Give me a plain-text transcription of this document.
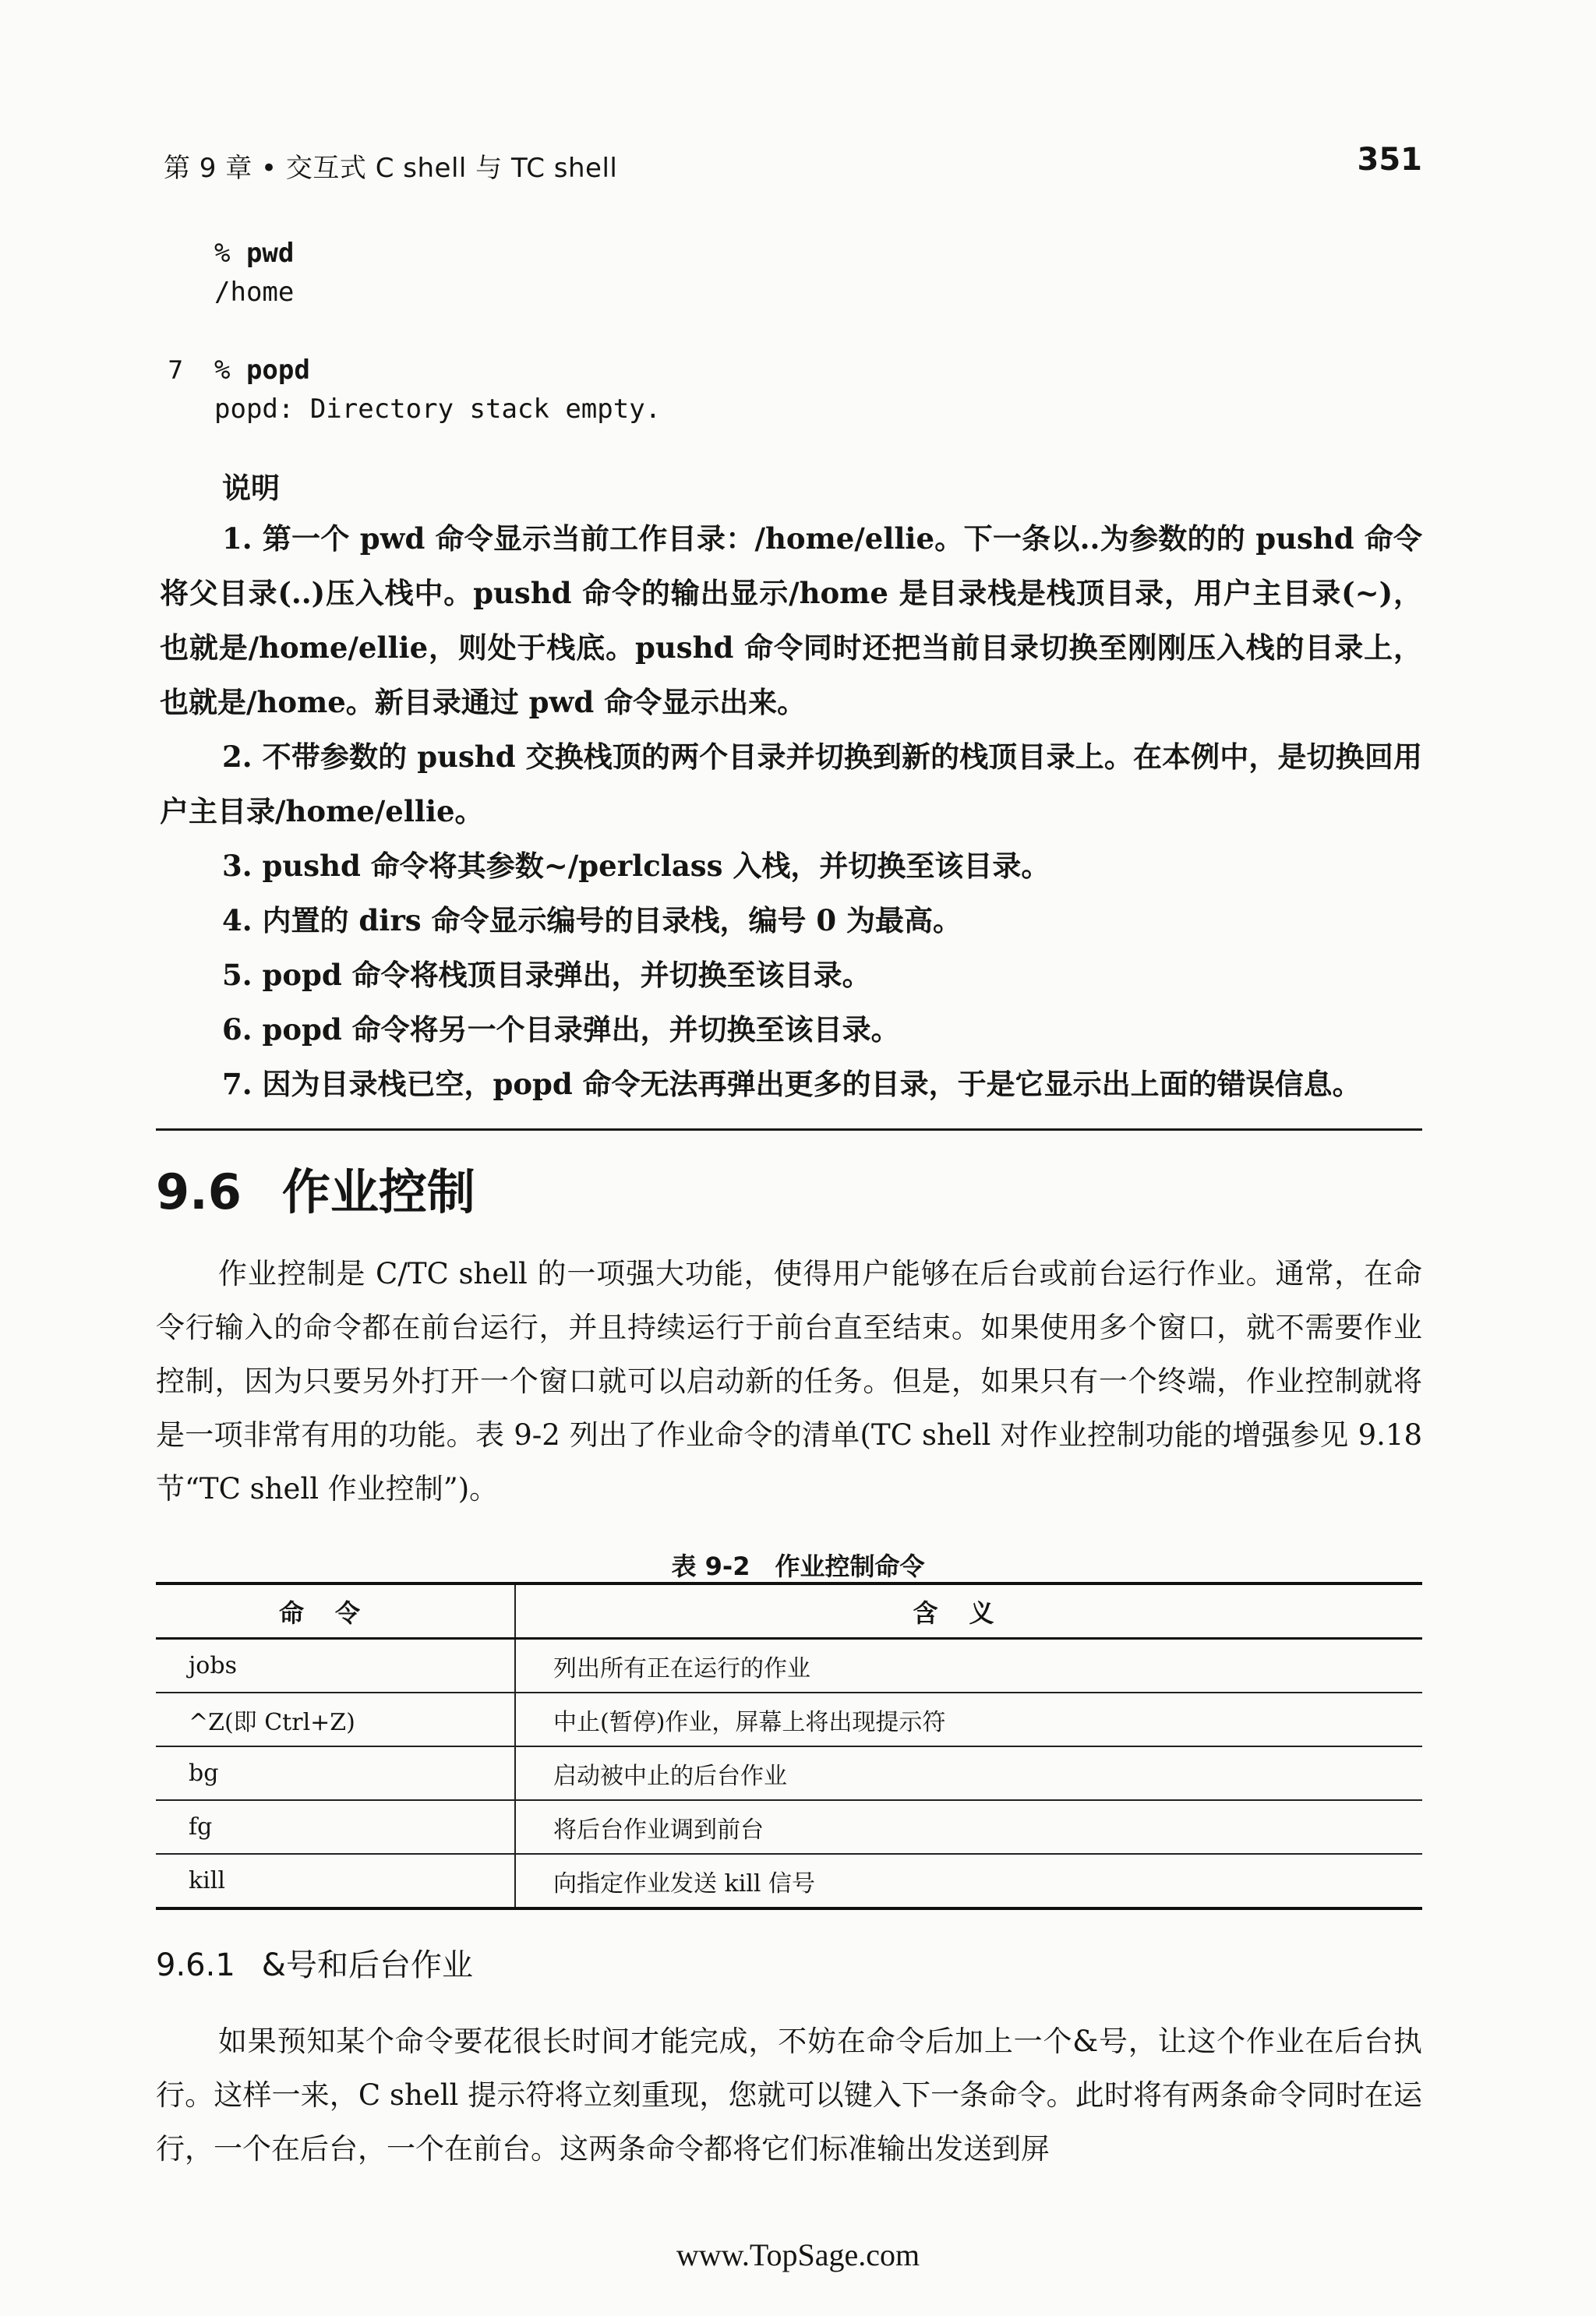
第 9 章 • 交互式 C shell 与 TC shell	351
% pwd
/home
7 % popd
popd: Directory stack empty.
说明

1. 第一个 pwd 命令显示当前工作目录：/home/ellie。下一条以..为参数的的 pushd 命令将父目录(..)压入栈中。pushd 命令的输出显示/home 是目录栈是栈顶目录，用户主目录(~)，也就是/home/ellie，则处于栈底。pushd 命令同时还把当前目录切换至刚刚压入栈的目录上，也就是/home。新目录通过 pwd 命令显示出来。

2. 不带参数的 pushd 交换栈顶的两个目录并切换到新的栈顶目录上。在本例中，是切换回用户主目录/home/ellie。

3. pushd 命令将其参数~/perlclass 入栈，并切换至该目录。

4. 内置的 dirs 命令显示编号的目录栈，编号 0 为最高。

5. popd 命令将栈顶目录弹出，并切换至该目录。

6. popd 命令将另一个目录弹出，并切换至该目录。

7. 因为目录栈已空，popd 命令无法再弹出更多的目录，于是它显示出上面的错误信息。

9.6 作业控制

作业控制是 C/TC shell 的一项强大功能，使得用户能够在后台或前台运行作业。通常，在命令行输入的命令都在前台运行，并且持续运行于前台直至结束。如果使用多个窗口，就不需要作业控制，因为只要另外打开一个窗口就可以启动新的任务。但是，如果只有一个终端，作业控制就将是一项非常有用的功能。表 9-2 列出了作业命令的清单(TC shell 对作业控制功能的增强参见 9.18 节“TC shell 作业控制”)。

表 9-2　作业控制命令
命令	含义
jobs	列出所有正在运行的作业
^Z(即 Ctrl+Z)	中止(暂停)作业，屏幕上将出现提示符
bg	启动被中止的后台作业
fg	将后台作业调到前台
kill	向指定作业发送 kill 信号
9.6.1 &号和后台作业

如果预知某个命令要花很长时间才能完成，不妨在命令后加上一个&号，让这个作业在后台执行。这样一来，C shell 提示符将立刻重现，您就可以键入下一条命令。此时将有两条命令同时在运行，一个在后台，一个在前台。这两条命令都将它们标准输出发送到屏

www.TopSage.com
